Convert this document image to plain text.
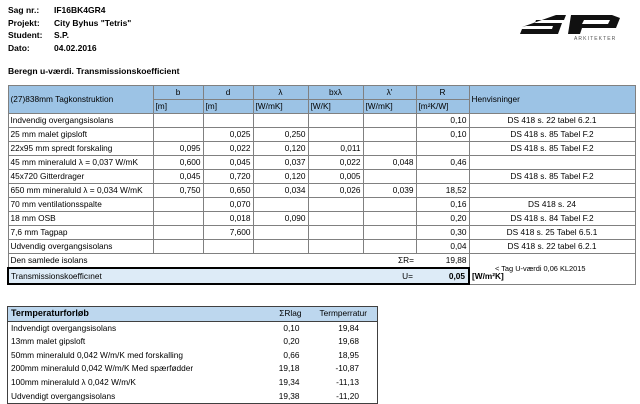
Sag nr.:	IF16BK4GR4
Projekt:	City Byhus "Tetris"
Student:	S.P.
Dato:	04.02.2016
ARKITEKTER
Beregn u-værdi. Transmissionskoefficient
(27)838mm Tagkonstruktion	b	d	λ	bxλ	λ'	R	Henvisninger
	[m]	[m]	[W/mK]	[W/K]	[W/mK]	[m²K/W]	
Indvendig overgangsisolans						0,10	DS 418 s. 22 tabel 6.2.1
25 mm malet gipsloft		0,025	0,250			0,10	DS 418 s. 85 Tabel F.2
22x95 mm spredt forskaling	0,095	0,022	0,120	0,011			DS 418 s. 85 Tabel F.2
45 mm mineraluld λ = 0,037 W/mK	0,600	0,045	0,037	0,022	0,048	0,46	
45x720 Gitterdrager	0,045	0,720	0,120	0,005			DS 418 s. 85 Tabel F.2
650 mm mineraluld λ = 0,034 W/mK	0,750	0,650	0,034	0,026	0,039	18,52	
70 mm ventilationsspalte		0,070				0,16	DS 418 s. 24
18 mm OSB		0,018	0,090			0,20	DS 418 s. 84 Tabel F.2
7,6 mm Tagpap		7,600				0,30	DS 418 s. 25 Tabel 6.5.1
Udvendig overgangsisolans						0,04	DS 418 s. 22 tabel 6.2.1
Den samlede isolans					ΣR=	19,88	
Transmissionskoefficınet					U=	0,05	[W/m²K]
< Tag U-værdi 0,06 KL2015
Termperaturforløb	ΣRlag	Termperratur
Indvendigt overgangsisolans	0,10	19,84
13mm malet gipsloft	0,20	19,68
50mm mineraluld 0,042 W/m/K med forskalling	0,66	18,95
200mm mineraluld 0,042 W/m/K Med spærfødder	19,18	-10,87
100mm mineraluld λ 0,042 W/m/K	19,34	-11,13
Udvendigt overgangsisolans	19,38	-11,20
